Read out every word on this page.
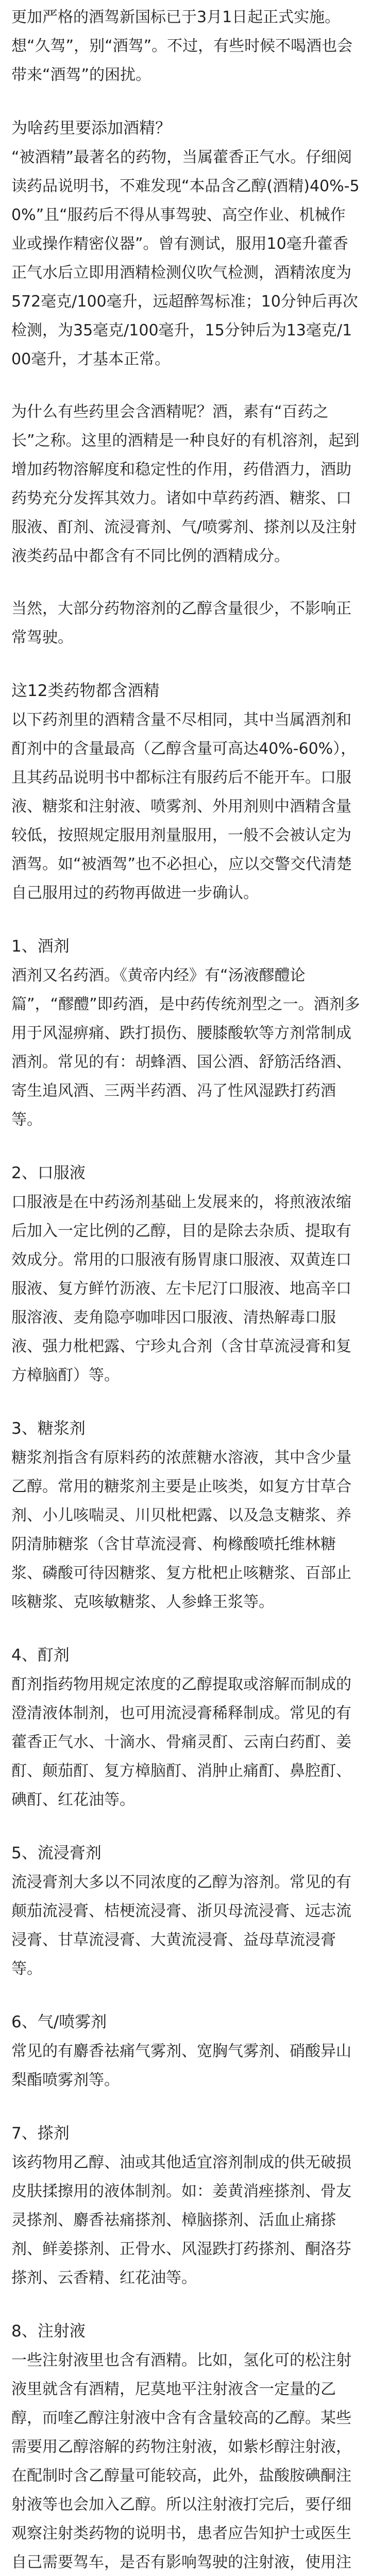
更加严格的酒驾新国标已于3月1日起正式实施。想“久驾”，别“酒驾”。不过，有些时候不喝酒也会带来“酒驾”的困扰。
为啥药里要添加酒精？
“被酒精”最著名的药物，当属藿香正气水。仔细阅读药品说明书，不难发现“本品含乙醇(酒精)40%-50%”且“服药后不得从事驾驶、高空作业、机械作业或操作精密仪器”。曾有测试，服用10毫升藿香正气水后立即用酒精检测仪吹气检测，酒精浓度为572毫克/100毫升，远超醉驾标准；10分钟后再次检测，为35毫克/100毫升，15分钟后为13毫克/100毫升，才基本正常。
为什么有些药里会含酒精呢？酒，素有“百药之长”之称。这里的酒精是一种良好的有机溶剂，起到增加药物溶解度和稳定性的作用，药借酒力，酒助药势充分发挥其效力。诸如中草药药酒、糖浆、口服液、酊剂、流浸膏剂、气/喷雾剂、搽剂以及注射液类药品中都含有不同比例的酒精成分。
当然，大部分药物溶剂的乙醇含量很少，不影响正常驾驶。
这12类药物都含酒精
以下药剂里的酒精含量不尽相同，其中当属酒剂和酊剂中的含量最高（乙醇含量可高达40%-60%），且其药品说明书中都标注有服药后不能开车。口服液、糖浆和注射液、喷雾剂、外用剂则中酒精含量较低，按照规定服用剂量服用，一般不会被认定为酒驾。如“被酒驾”也不必担心，应以交警交代清楚自己服用过的药物再做进一步确认。
1、酒剂
酒剂又名药酒。《黄帝内经》有“汤液醪醴论篇”，“醪醴”即药酒，是中药传统剂型之一。酒剂多用于风湿痹痛、跌打损伤、腰膝酸软等方剂常制成酒剂。常见的有：胡蜂酒、国公酒、舒筋活络酒、寄生追风酒、三两半药酒、冯了性风湿跌打药酒等。
2、口服液
口服液是在中药汤剂基础上发展来的，将煎液浓缩后加入一定比例的乙醇，目的是除去杂质、提取有效成分。常用的口服液有肠胃康口服液、双黄连口服液、复方鲜竹沥液、左卡尼汀口服液、地高辛口服溶液、麦角隐亭咖啡因口服液、清热解毒口服液、强力枇杷露、宁珍丸合剂（含甘草流浸膏和复方樟脑酊）等。
3、糖浆剂
糖浆剂指含有原料药的浓蔗糖水溶液，其中含少量乙醇。常用的糖浆剂主要是止咳类，如复方甘草合剂、小儿咳喘灵、川贝枇杷露、以及急支糖浆、养阴清肺糖浆（含甘草流浸膏、枸橼酸喷托维林糖浆、磷酸可待因糖浆、复方枇杷止咳糖浆、百部止咳糖浆、克咳敏糖浆、人参蜂王浆等。
4、酊剂
酊剂指药物用规定浓度的乙醇提取或溶解而制成的澄清液体制剂，也可用流浸膏稀释制成。常见的有藿香正气水、十滴水、骨痛灵酊、云南白药酊、姜酊、颠茄酊、复方樟脑酊、消肿止痛酊、鼻腔酊、碘酊、红花油等。
5、流浸膏剂
流浸膏剂大多以不同浓度的乙醇为溶剂。常见的有颠茄流浸膏、桔梗流浸膏、浙贝母流浸膏、远志流浸膏、甘草流浸膏、大黄流浸膏、益母草流浸膏等。
6、气/喷雾剂
常见的有麝香祛痛气雾剂、宽胸气雾剂、硝酸异山梨酯喷雾剂等。
7、搽剂
该药物用乙醇、油或其他适宜溶剂制成的供无破损皮肤揉擦用的液体制剂。如：姜黄消痤搽剂、骨友灵搽剂、麝香祛痛搽剂、樟脑搽剂、活血止痛搽剂、鲜姜搽剂、正骨水、风湿跌打药搽剂、酮洛芬搽剂、云香精、红花油等。
8、注射液
一些注射液里也含有酒精。比如，氢化可的松注射液里就含有酒精，尼莫地平注射液含一定量的乙醇，而喹乙醇注射液中含有含量较高的乙醇。某些需要用乙醇溶解的药物注射液，如紫杉醇注射液，在配制时含乙醇量可能较高，此外，盐酸胺碘酮注射液等也会加入乙醇。所以注射液打完后，要仔细观察注射类药物的说明书，患者应告知护士或医生自己需要驾车，是否有影响驾驶的注射液，使用注
